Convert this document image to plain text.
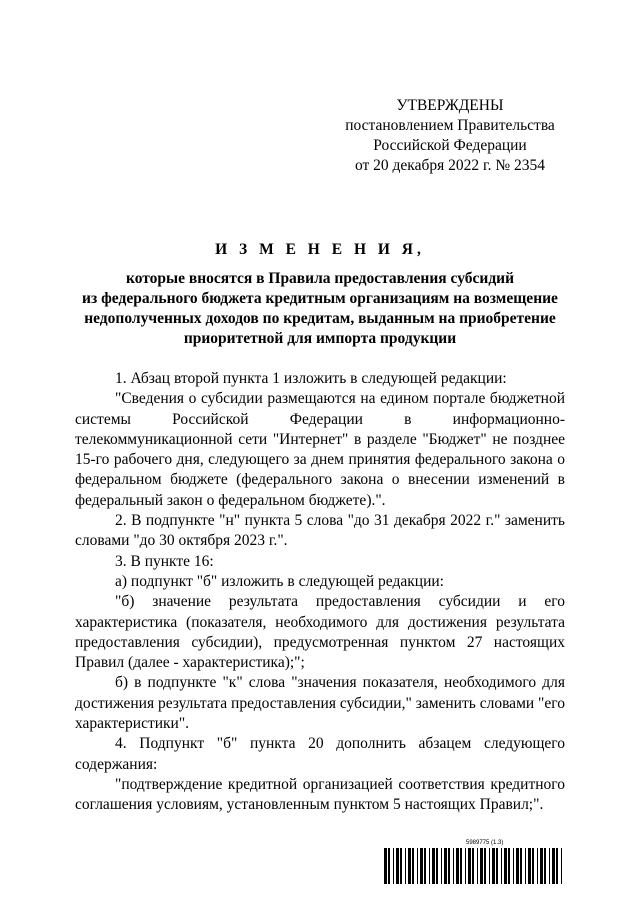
УТВЕРЖДЕНЫ
постановлением Правительства
Российской Федерации
от 20 декабря 2022 г. № 2354
И З М Е Н Е Н И Я,
которые вносятся в Правила предоставления субсидий
из федерального бюджета кредитным организациям на возмещение
недополученных доходов по кредитам, выданным на приобретение
приоритетной для импорта продукции

1. Абзац второй пункта 1 изложить в следующей редакции:

"Сведения о субсидии размещаются на едином портале бюджетной системы Российской Федерации в информационно-телекоммуникационной сети "Интернет" в разделе "Бюджет" не позднее 15-го рабочего дня, следующего за днем принятия федерального закона о федеральном бюджете (федерального закона о внесении изменений в федеральный закон о федеральном бюджете).".

2. В подпункте "н" пункта 5 слова "до 31 декабря 2022 г." заменить словами "до 30 октября 2023 г.".

3. В пункте 16:

а) подпункт "б" изложить в следующей редакции:

"б) значение результата предоставления субсидии и его характеристика (показателя, необходимого для достижения результата предоставления субсидии), предусмотренная пунктом 27 настоящих Правил (далее - характеристика);";

б) в подпункте "к" слова "значения показателя, необходимого для достижения результата предоставления субсидии," заменить словами "его характеристики".

4. Подпункт "б" пункта 20 дополнить абзацем следующего содержания:

"подтверждение кредитной организацией соответствия кредитного соглашения условиям, установленным пунктом 5 настоящих Правил;".

5989775 (1.3)
